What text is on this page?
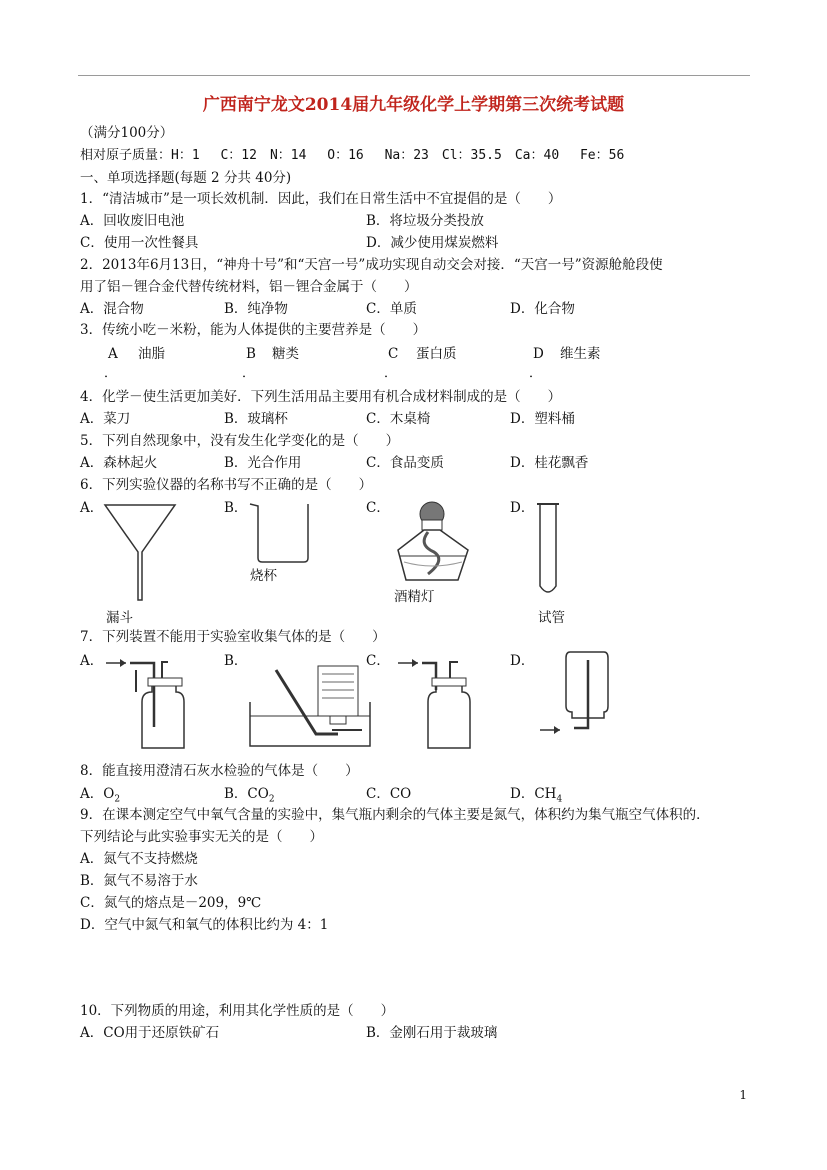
广西南宁龙文2014届九年级化学上学期第三次统考试题
（满分100分）
相对原子质量：H：1　 C：12　N：14　 O：16　 Na：23　Cl：35.5　Ca：40　 Fe：56
一、单项选择题(每题 2 分共 40分)
1．“清洁城市”是一项长效机制．因此，我们在日常生活中不宜提倡的是（　　）
A．回收废旧电池	B．将垃圾分类投放
C．使用一次性餐具	D．减少使用煤炭燃料
2．2013年6月13日，“神舟十号”和“天宫一号”成功实现自动交会对接．“天宫一号”资源舱舱段使
用了铝－锂合金代替传统材料，铝－锂合金属于（　　）
A．混合物	B．纯净物	C．单质	D．化合物
3．传统小吃－米粉，能为人体提供的主要营养是（　　）
A 油脂	B 糖类	C 蛋白质	D 维生素
．	．	．	．
4．化学－使生活更加美好．下列生活用品主要用有机合成材料制成的是（　　）
A．菜刀	B．玻璃杯	C．木桌椅	D．塑料桶
5．下列自然现象中，没有发生化学变化的是（　　）
A．森林起火	B．光合作用	C．食品变质	D．桂花飘香
6．下列实验仪器的名称书写不正确的是（　　）
A．	B．	C．	D．
漏斗
烧杯
酒精灯
试管
7．下列装置不能用于实验室收集气体的是（　　）
A．	B．	C．	D．
8．能直接用澄清石灰水检验的气体是（　　）
A．$O_2$	B．$CO_2$	C．CO	D．$CH_4$
9．在课本测定空气中氧气含量的实验中，集气瓶内剩余的气体主要是氮气，体积约为集气瓶空气体积的．
下列结论与此实验事实无关的是（　　）
A．氮气不支持燃烧
B．氮气不易溶于水
C．氮气的熔点是－209，9℃
D．空气中氮气和氧气的体积比约为 4：1
10．下列物质的用途，利用其化学性质的是（　　）
A．CO用于还原铁矿石	B．金刚石用于裁玻璃
1
